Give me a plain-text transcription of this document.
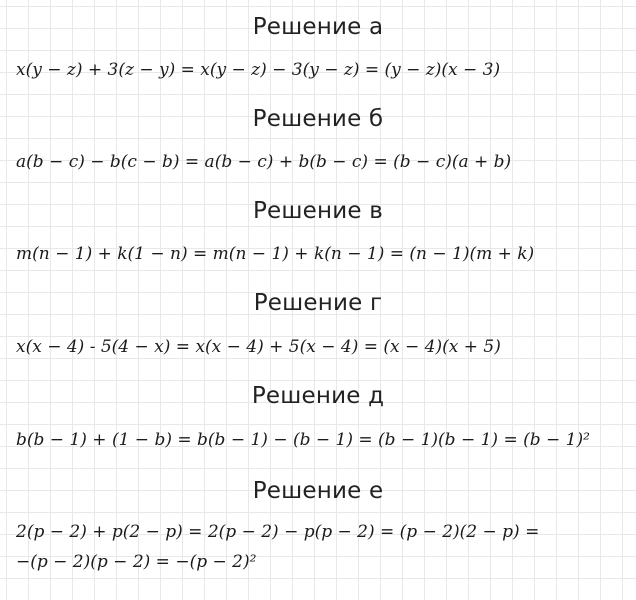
Решение а
x(y − z) + 3(z − y) = x(y − z) − 3(y − z) = (y − z)(x − 3)
Решение б
a(b − c) − b(c − b) = a(b − c) + b(b − c) = (b − c)(a + b)
Решение в
m(n − 1) + k(1 − n) = m(n − 1) + k(n − 1) = (n − 1)(m + k)
Решение г
x(x − 4) - 5(4 − x) = x(x − 4) + 5(x − 4) = (x − 4)(x + 5)
Решение д
b(b − 1) + (1 − b) = b(b − 1) − (b − 1) = (b − 1)(b − 1) = (b − 1)²
Решение е
2(p − 2) + p(2 − p) = 2(p − 2) − p(p − 2) = (p − 2)(2 − p) =
−(p − 2)(p − 2) = −(p − 2)²
